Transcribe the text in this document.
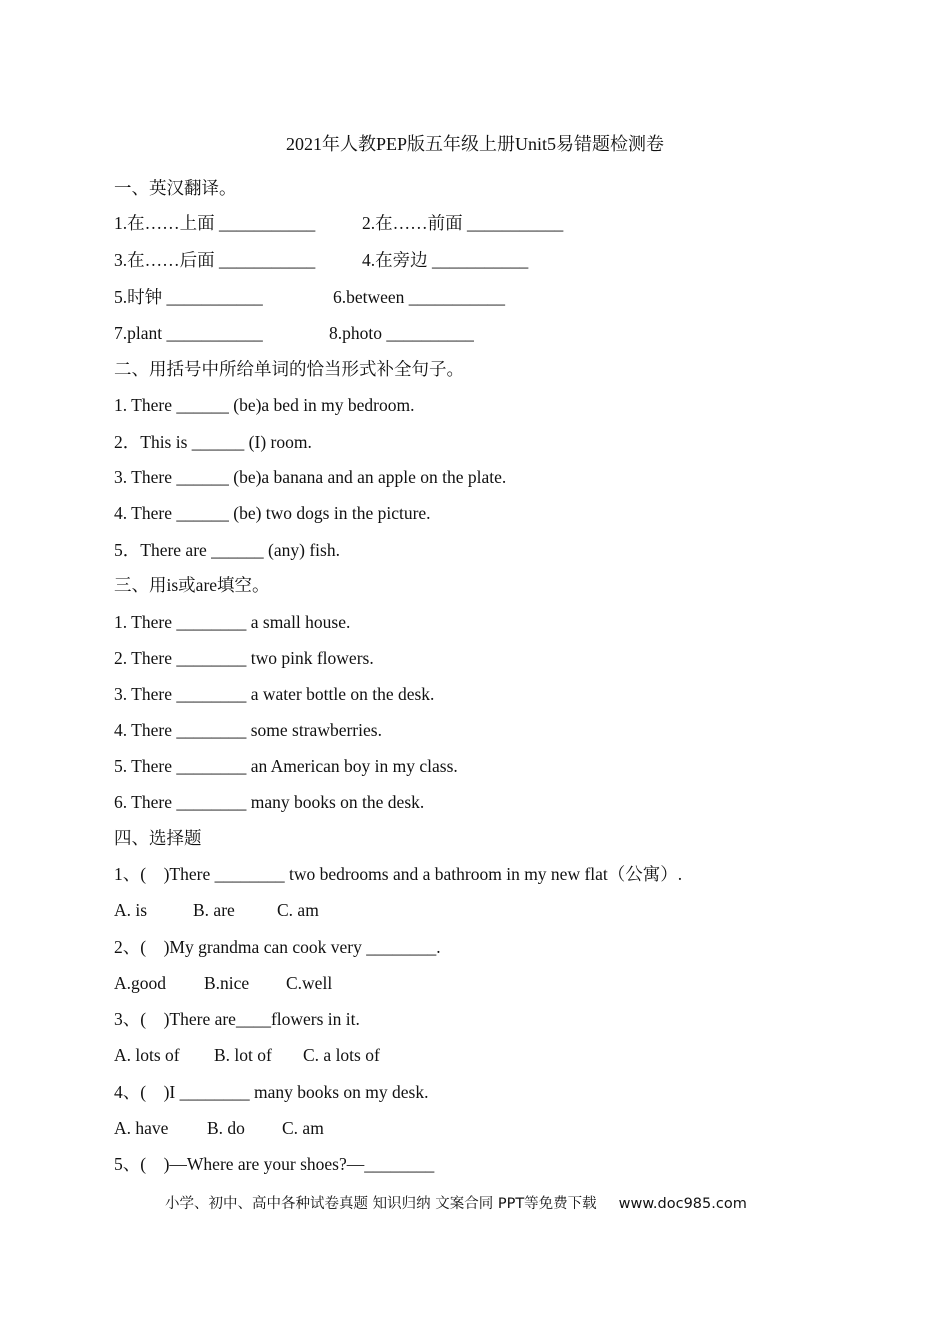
2021年人教PEP版五年级上册Unit5易错题检测卷
一、英汉翻译。
1.在……上面 ___________	2.在……前面 ___________
3.在……后面 ___________	4.在旁边 ___________
5.时钟 ___________	6.between ___________
7.plant ___________	8.photo __________
二、用括号中所给单词的恰当形式补全句子。
1. There ______ (be)a bed in my bedroom.
2．This is ______ (I) room.
3. There ______ (be)a banana and an apple on the plate.
4. There ______ (be) two dogs in the picture.
5．There are ______ (any) fish.
三、用is或are填空。
1. There ________ a small house.
2. There ________ two pink flowers.
3. There ________ a water bottle on the desk.
4. There ________ some strawberries.
5. There ________ an American boy in my class.
6. There ________ many books on the desk.
四、选择题
1、(    )There ________ two bedrooms and a bathroom in my new flat（公寓）.
A. is	B. are C. am
2、(    )My grandma can cook very ________.
A.good B.nice C.well
3、(    )There are____flowers in it.
A. lots of B. lot of C. a lots of
4、(    )I ________ many books on my desk.
A. have B. do C. am
5、(    )—Where are your shoes?—________
小学、初中、高中各种试卷真题 知识归纳 文案合同 PPT等免费下载 www.doc985.com
